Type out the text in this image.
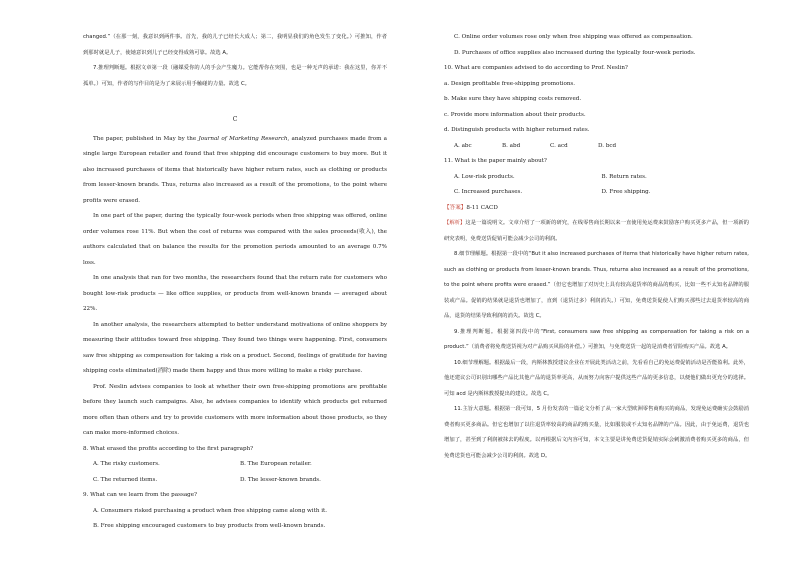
changed.”（在那一刻，我意识到两件事。首先，我的儿子已经长大成人；第二，我明显我们的角色发生了变化。）可推知，作者到那时就是儿子，使她意识到儿子已经变得成熟可靠。故选 A。

7.推理判断题。根据文章第一段（融媒爱你的人的手会产生魔力。它能帮你在突围，也是一种无声的承诺：我在这里，你并不孤单。）可知，作者的写作目的是为了来展示用手触碰的力量。故选 C。

C

The paper, published in May by the Journal of Marketing Research, analyzed purchases made from a single large European retailer and found that free shipping did encourage customers to buy more. But it also increased purchases of items that historically have higher return rates, such as clothing or products from lesser-known brands. Thus, returns also increased as a result of the promotions, to the point where profits were erased.

In one part of the paper, during the typically four-week periods when free shipping was offered, online order volumes rose 11%. But when the cost of returns was compared with the sales proceeds(收入), the authors calculated that on balance the results for the promotion periods amounted to an average 0.7% loss.

In one analysis that ran for two months, the researchers found that the return rate for customers who bought low-risk products — like office supplies, or products from well-known brands — averaged about 22%.

In another analysis, the researchers attempted to better understand motivations of online shoppers by measuring their attitudes toward free shipping. They found two things were happening. First, consumers saw free shipping as compensation for taking a risk on a product. Second, feelings of gratitude for having shipping costs eliminated(消除) made them happy and thus more willing to make a risky purchase.

Prof. Neslin advises companies to look at whether their own free-shipping promotions are profitable before they launch such campaigns. Also, he advises companies to identify which products get returned more often than others and try to provide customers with more information about those products, so they can make more-informed choices.

8. What erased the profits according to the first paragraph?

A. The risky customers.	B. The European retailer.
C. The returned items.	D. The lesser-known brands.

9. What can we learn from the passage?

A. Consumers risked purchasing a product when free shipping came along with it.

B. Free shipping encouraged customers to buy products from well-known brands.

C. Online order volumes rose only when free shipping was offered as compensation.

D. Purchases of office supplies also increased during the typically four-week periods.

10. What are companies advised to do according to Prof. Neslin?

a. Design profitable free-shipping promotions.

b. Make sure they have shipping costs removed.

c. Provide more information about their products.

d. Distinguish products with higher returned rates.

A. abc	B. abd	C. acd	D. bcd

11. What is the paper mainly about?

A. Low-risk products.	B. Return rates.
C. Increased purchases.	D. Free shipping.

【答案】8-11 CACD

【解析】这是一篇说明文。文章介绍了一项新的研究，在线零售商长期以来一直使用免运费来鼓励客户购买更多产品，但一项新的研究表明，免费送货促销可能会减少公司的利润。

8.细节理解题。根据第一段中的“But it also increased purchases of items that historically have higher return rates, such as clothing or products from lesser-known brands. Thus, returns also increased as a result of the promotions, to the point where profits were erased.”（但它也增加了对历史上具有较高退货率的商品的购买，比如一些不太知名品牌的服装或产品。促销的结果就是退货也增加了，直到（退货过多）利润消失。）可知，免费送货促使人们购买那些过去退货率较高的商品，退货的结果导致利润的消失。故选 C。

9.推理判断题。根据第四段中的“First, consumers saw free shipping as compensation for taking a risk on a product.”（消费者将免费送货视为对产品购买风险的补偿。）可推知，与免费送货一起的是消费者冒险购买产品。故选 A。

10.细节理解题。根据最后一段，内斯林教授建议企业在开展此类活动之前，先看看自己的免运费促销活动是否能盈利。此外，他还建议公司识别出哪些产品比其他产品的退货率更高，从而努力向客户提供这些产品的更多信息，以便他们做出更充分的选择。可知 acd 是内斯林教授提出的建议。故选 C。

11.主旨大意题。根据第一段可知，5 月份发表的一篇论文分析了从一家大型欧洲零售商购买的商品，发现免运费确实会鼓励消费者购买更多商品。但它也增加了以往退货率较高的商品的购买量，比如服装或不太知名品牌的产品。因此，由于免运费，退货也增加了，甚至到了利润被抹去的程度。以再根据后文内容可知，本文主要是讲免费送货促销实际会刺激消费者购买更多的商品，但免费送货也可能会减少公司的利润。故选 D。
